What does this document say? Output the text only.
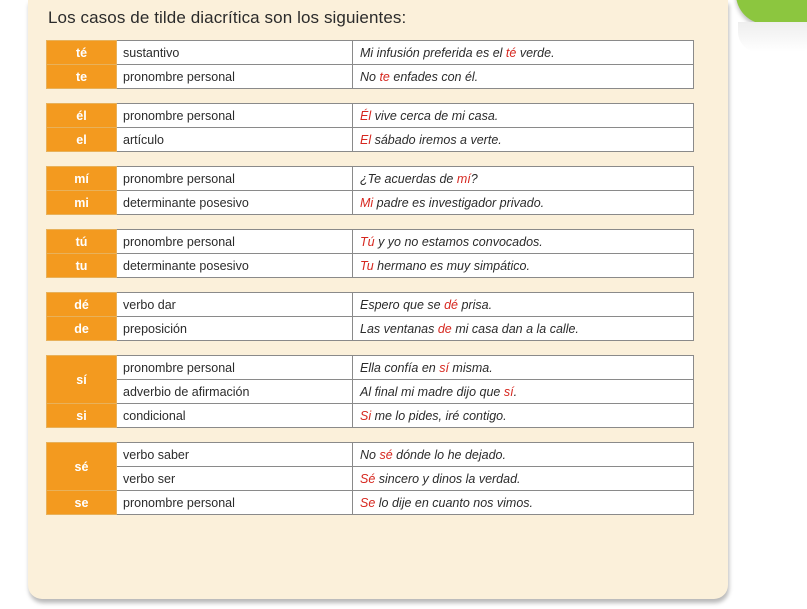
Los casos de tilde diacrítica son los siguientes:
té	sustantivo	Mi infusión preferida es el té verde.
te	pronombre personal	No te enfades con él.
él	pronombre personal	Él vive cerca de mi casa.
el	artículo	El sábado iremos a verte.
mí	pronombre personal	¿Te acuerdas de mí?
mi	determinante posesivo	Mi padre es investigador privado.
tú	pronombre personal	Tú y yo no estamos convocados.
tu	determinante posesivo	Tu hermano es muy simpático.
dé	verbo dar	Espero que se dé prisa.
de	preposición	Las ventanas de mi casa dan a la calle.
sí	pronombre personal	Ella confía en sí misma.
	adverbio de afirmación	Al final mi madre dijo que sí.
si	condicional	Si me lo pides, iré contigo.
sé	verbo saber	No sé dónde lo he dejado.
	verbo ser	Sé sincero y dinos la verdad.
se	pronombre personal	Se lo dije en cuanto nos vimos.
